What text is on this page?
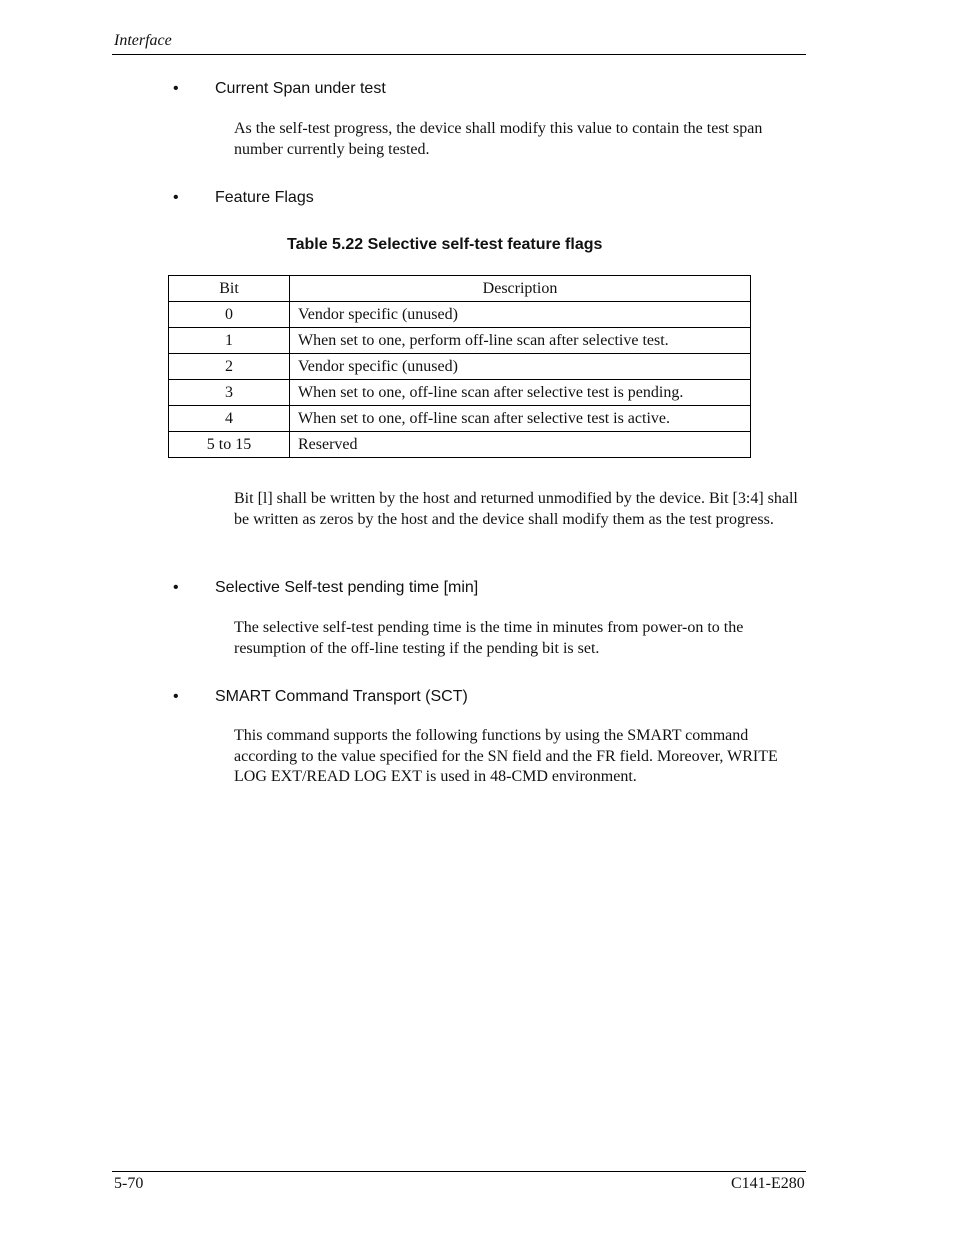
Interface
• Current Span under test
As the self-test progress, the device shall modify this value to contain the test span number currently being tested.
• Feature Flags
Table 5.22 Selective self-test feature flags
Bit	Description
0	Vendor specific (unused)
1	When set to one, perform off-line scan after selective test.
2	Vendor specific (unused)
3	When set to one, off-line scan after selective test is pending.
4	When set to one, off-line scan after selective test is active.
5 to 15	Reserved
Bit [l] shall be written by the host and returned unmodified by the device. Bit [3:4] shall be written as zeros by the host and the device shall modify them as the test progress.
• Selective Self-test pending time [min]
The selective self-test pending time is the time in minutes from power-on to the resumption of the off-line testing if the pending bit is set.
• SMART Command Transport (SCT)
This command supports the following functions by using the SMART command according to the value specified for the SN field and the FR field. Moreover, WRITE LOG EXT/READ LOG EXT is used in 48-CMD environment.
5-70	C141-E280
